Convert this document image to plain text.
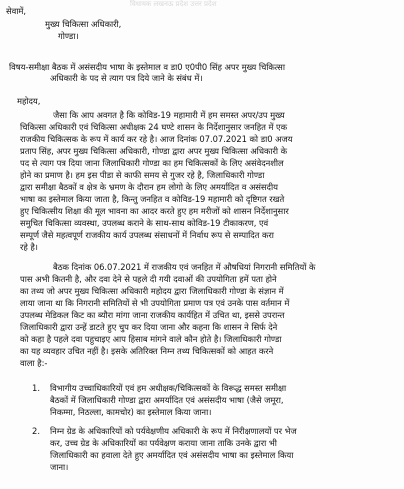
विधायक लखनऊ प्रदेश उत्तर प्रदेश
सेवामें,
मुख्य चिकित्सा अधिकारी,
गोण्डा।
विषय-समीक्षा बैठक में असंसदीय भाषा के इस्तेमाल व डा0 ए0पी0 सिंह अपर मुख्य चिकित्सा
अधिकारी के पद से त्याग पत्र दिये जाने के संबंध में।
महोदय,
जैसा कि आप अवगत है कि कोविड-19 महामारी में हम समस्त अपर/उप मुख्य
चिकित्सा अधिकारी एवं चिकित्सा अधीक्षक 24 घण्टे शासन के निर्देशानुसार जनहित में एक
राजकीय चिकित्सक के रूप में कार्य कर रहे है। आज दिनांक 07.07.2021 को डा0 अजय
प्रताप सिंह, अपर मुख्य चिकित्सा अधिकारी, गोण्डा द्वारा अपर मुख्य चिकित्सा अधिकारी के
पद से त्याग पत्र दिया जाना जिलाधिकारी गोण्डा का हम चिकित्सकों के लिए असंवेदनशील
होने का प्रमाण है। हम इस पीडा से काफी समय से गुजर रहे है, जिलाधिकारी गोण्डा
द्वारा समीक्षा बैठकों व क्षेत्र के भ्रमण के दौरान हम लोगो के लिए अमर्यादित व असंसदीय
भाषा का इस्तेमाल किया जाता है, किन्तु जनहित व कोविड-19 महामारी को दृष्टिगत रखते
हुए चिकित्सीय शिक्षा की मूल भावना का आदर करते हुए हम मरीजों को शासन निर्देशानुसार
समुचित चिकित्सा व्यवस्था, उपलब्ध कराने के साथ-साथ कोविड-19 टीकाकरण, एवं
सम्पूर्ण जैसे महत्वपूर्ण राजकीय कार्य उपलब्ध संसाधनों में निर्वाध रूप से सम्पादित करा
रहे है।
बैठक दिनांक 06.07.2021 में राजकीय एवं जनहित में औषधियां निगरानी समितियों के
पास अभी कितनी है, और दवा देने से पहले दी गयी दवाओं की उपयोगिता हमें पता होने
का तथ्य जो अपर मुख्य चिकित्सा अधिकारी महोदय द्वारा जिलाधिकारी गोण्डा के संज्ञान में
लाया जाना था कि निगरानी समितियों से भी उपयोगिता प्रमाण पत्र एवं उनके पास वर्तमान में
उपलब्ध मेडिकल किट का ब्यौरा मांगा जाना राजकीय कार्यहित में उचित था, इससे उपरान्त
जिलाधिकारी द्वारा उन्हें डाटते हुए चुप कर दिया जाना और कहना कि शासन ने सिर्फ देने
को कहा है पहले दवा पहुचाइए आप हिसाब मांगने वाले कौन होते है। जिलाधिकारी गोण्डा
का यह व्यवहार उचित नहीं है। इसके अतिरिक्त निम्न तथ्य चिकित्सकों को आहत करने
वाला है:-
1. विभागीय उच्चाधिकारियों एवं हम अधीक्षक/चिकित्सकों के विरूद्ध समस्त समीक्षा
बैठकों में जिलाधिकारी गोण्डा द्वारा अमर्यादित एवं असंसदीय भाषा (जैसे जमूरा,
निकम्मा, निठल्ला, कामचोर) का इस्तेमाल किया जाना।
2. निम्न ग्रेड के अधिकारियों को पर्यवेक्षणीय अधिकारी के रूप में निरीक्षणालयों पर भेज
कर, उच्च ग्रेड के अधिकारियों का पर्यवेक्षण कराया जाना ताकि उनके द्वारा भी
जिलाधिकारी का हवाला देते हुए अमर्यादित एवं असंसदीय भाषा का इस्तेमाल किया
जाना।
